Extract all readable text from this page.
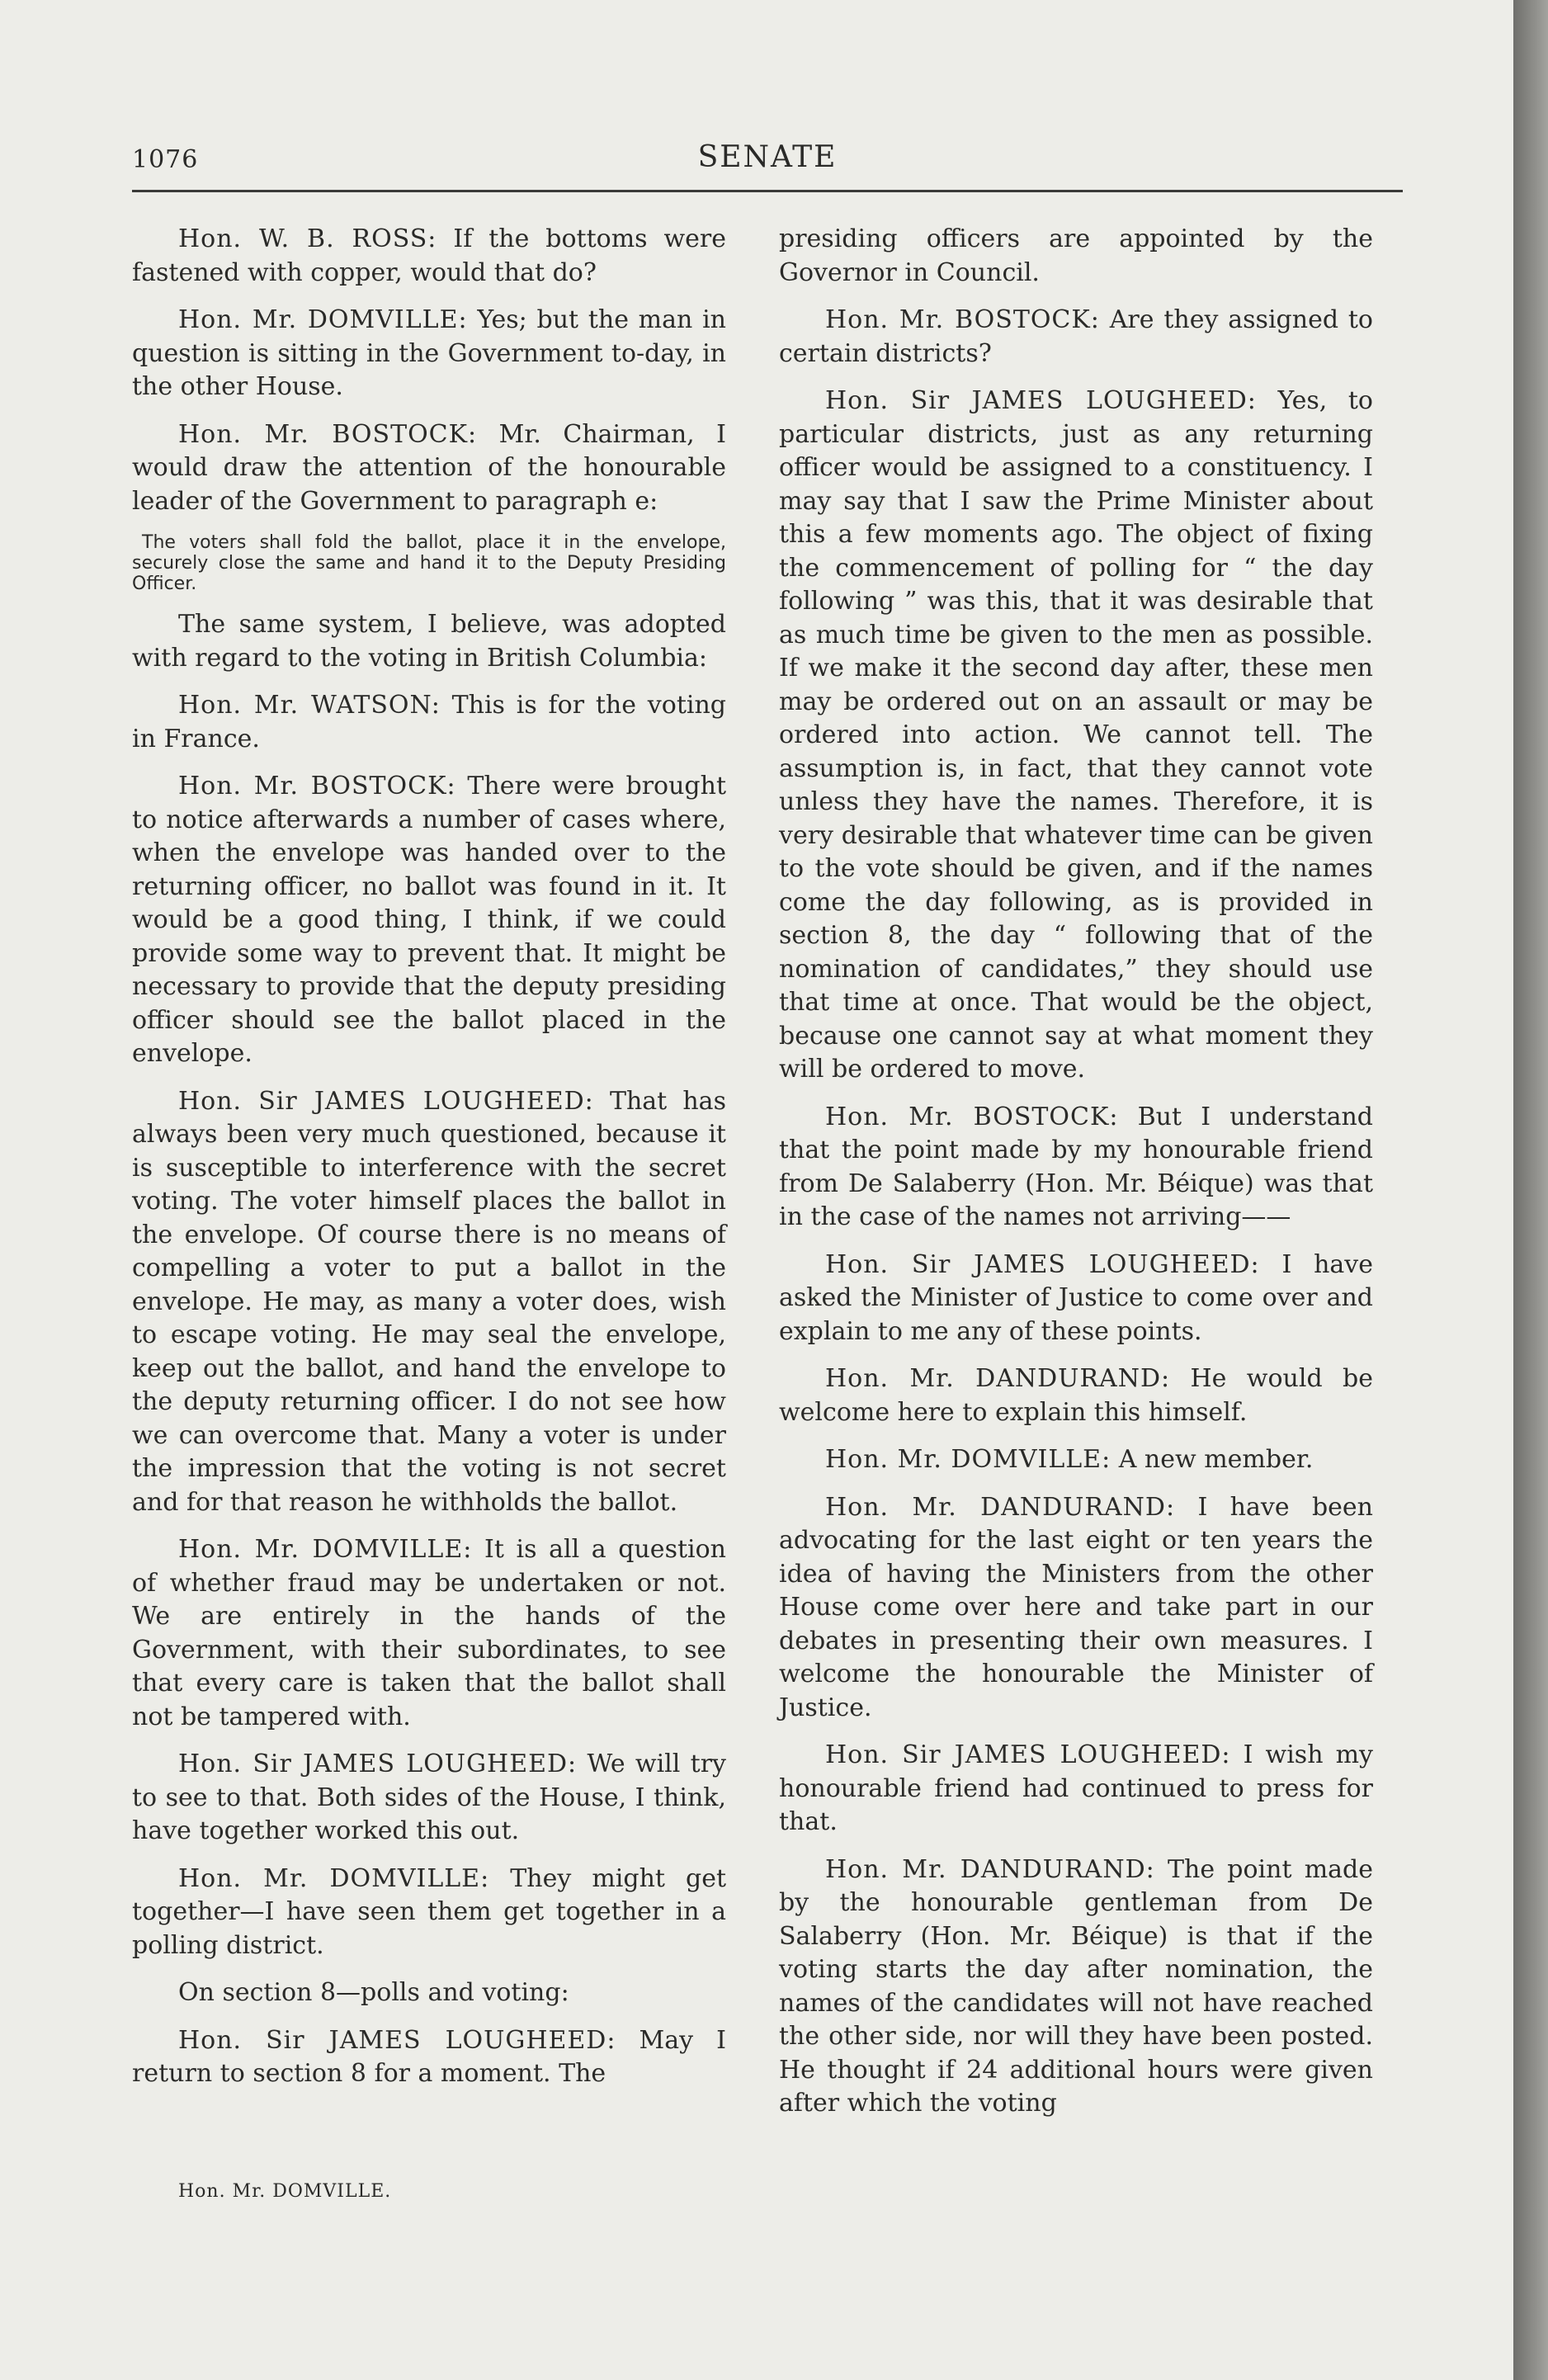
1076	SENATE

Hon. W. B. ROSS: If the bottoms were fastened with copper, would that do?

Hon. Mr. DOMVILLE: Yes; but the man in question is sitting in the Government to-day, in the other House.

Hon. Mr. BOSTOCK: Mr. Chairman, I would draw the attention of the honourable leader of the Government to paragraph e:

The voters shall fold the ballot, place it in the envelope, securely close the same and hand it to the Deputy Presiding Officer.

The same system, I believe, was adopted with regard to the voting in British Columbia:

Hon. Mr. WATSON: This is for the voting in France.

Hon. Mr. BOSTOCK: There were brought to notice afterwards a number of cases where, when the envelope was handed over to the returning officer, no ballot was found in it. It would be a good thing, I think, if we could provide some way to prevent that. It might be necessary to provide that the deputy presiding officer should see the ballot placed in the envelope.

Hon. Sir JAMES LOUGHEED: That has always been very much questioned, because it is susceptible to interference with the secret voting. The voter himself places the ballot in the envelope. Of course there is no means of compelling a voter to put a ballot in the envelope. He may, as many a voter does, wish to escape voting. He may seal the envelope, keep out the ballot, and hand the envelope to the deputy returning officer. I do not see how we can overcome that. Many a voter is under the impression that the voting is not secret and for that reason he withholds the ballot.

Hon. Mr. DOMVILLE: It is all a question of whether fraud may be undertaken or not. We are entirely in the hands of the Government, with their subordinates, to see that every care is taken that the ballot shall not be tampered with.

Hon. Sir JAMES LOUGHEED: We will try to see to that. Both sides of the House, I think, have together worked this out.

Hon. Mr. DOMVILLE: They might get together—I have seen them get together in a polling district.

On section 8—polls and voting:

Hon. Sir JAMES LOUGHEED: May I return to section 8 for a moment. The

presiding officers are appointed by the Governor in Council.

Hon. Mr. BOSTOCK: Are they assigned to certain districts?

Hon. Sir JAMES LOUGHEED: Yes, to particular districts, just as any returning officer would be assigned to a constituency. I may say that I saw the Prime Minister about this a few moments ago. The object of fixing the commencement of polling for “ the day following ” was this, that it was desirable that as much time be given to the men as possible. If we make it the second day after, these men may be ordered out on an assault or may be ordered into action. We cannot tell. The assumption is, in fact, that they cannot vote unless they have the names. Therefore, it is very desirable that whatever time can be given to the vote should be given, and if the names come the day following, as is provided in section 8, the day “ following that of the nomination of candidates,” they should use that time at once. That would be the object, because one cannot say at what moment they will be ordered to move.

Hon. Mr. BOSTOCK: But I understand that the point made by my honourable friend from De Salaberry (Hon. Mr. Béique) was that in the case of the names not arriving——

Hon. Sir JAMES LOUGHEED: I have asked the Minister of Justice to come over and explain to me any of these points.

Hon. Mr. DANDURAND: He would be welcome here to explain this himself.

Hon. Mr. DOMVILLE: A new member.

Hon. Mr. DANDURAND: I have been advocating for the last eight or ten years the idea of having the Ministers from the other House come over here and take part in our debates in presenting their own measures. I welcome the honourable the Minister of Justice.

Hon. Sir JAMES LOUGHEED: I wish my honourable friend had continued to press for that.

Hon. Mr. DANDURAND: The point made by the honourable gentleman from De Salaberry (Hon. Mr. Béique) is that if the voting starts the day after nomination, the names of the candidates will not have reached the other side, nor will they have been posted. He thought if 24 additional hours were given after which the voting

Hon. Mr. DOMVILLE.
